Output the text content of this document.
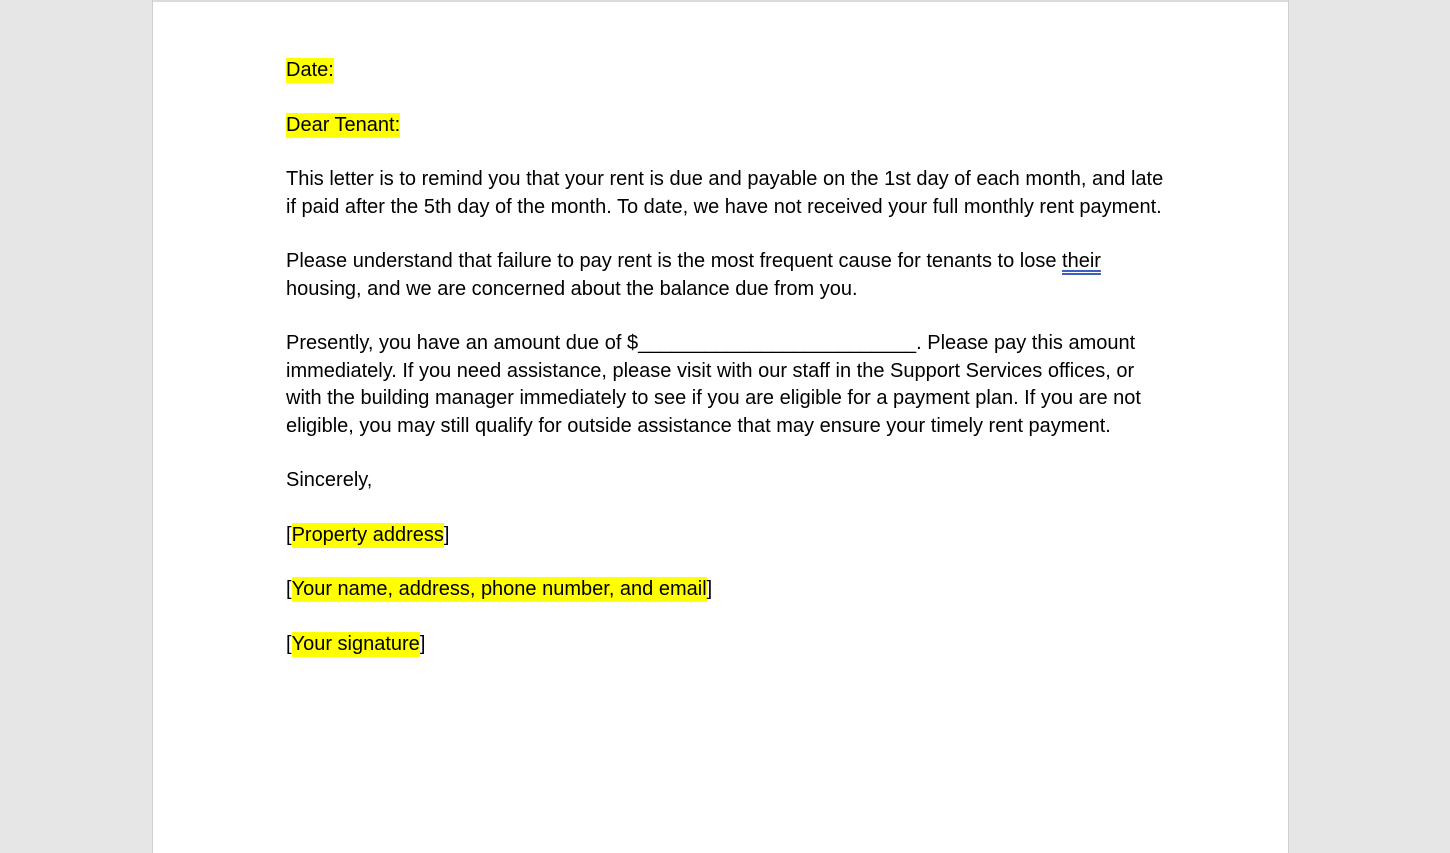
Date:

Dear Tenant:

This letter is to remind you that your rent is due and payable on the 1st day of each month, and late if paid after the 5th day of the month. To date, we have not received your full monthly rent payment.

Please understand that failure to pay rent is the most frequent cause for tenants to lose their housing, and we are concerned about the balance due from you.

Presently, you have an amount due of $_________________________. Please pay this amount immediately. If you need assistance, please visit with our staff in the Support Services offices, or with the building manager immediately to see if you are eligible for a payment plan. If you are not eligible, you may still qualify for outside assistance that may ensure your timely rent payment.

Sincerely,

[Property address]

[Your name, address, phone number, and email]

[Your signature]
